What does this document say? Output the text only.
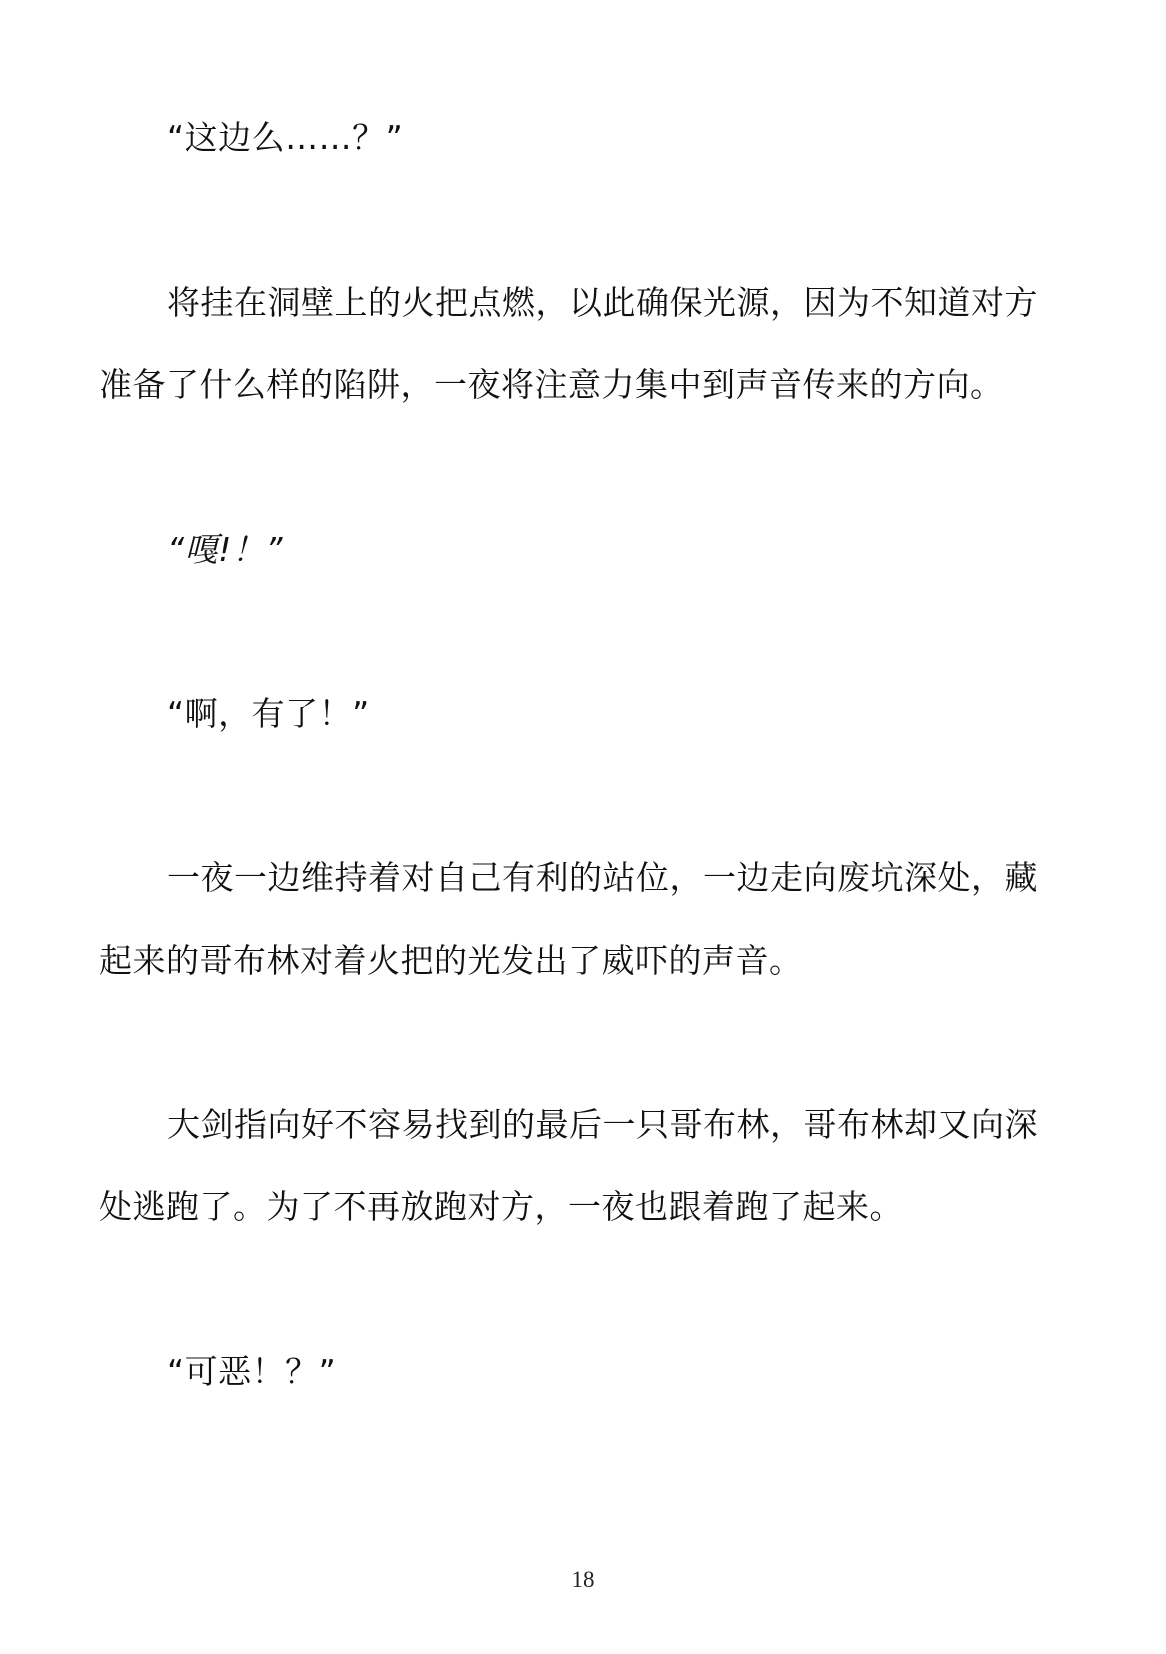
“这边么……？”
将挂在洞壁上的火把点燃，以此确保光源，因为不知道对方
准备了什么样的陷阱，一夜将注意力集中到声音传来的方向。
“嘎!！”
“啊，有了！”
一夜一边维持着对自己有利的站位，一边走向废坑深处，藏
起来的哥布林对着火把的光发出了威吓的声音。
大剑指向好不容易找到的最后一只哥布林，哥布林却又向深
处逃跑了。为了不再放跑对方，一夜也跟着跑了起来。
“可恶！？”
18
